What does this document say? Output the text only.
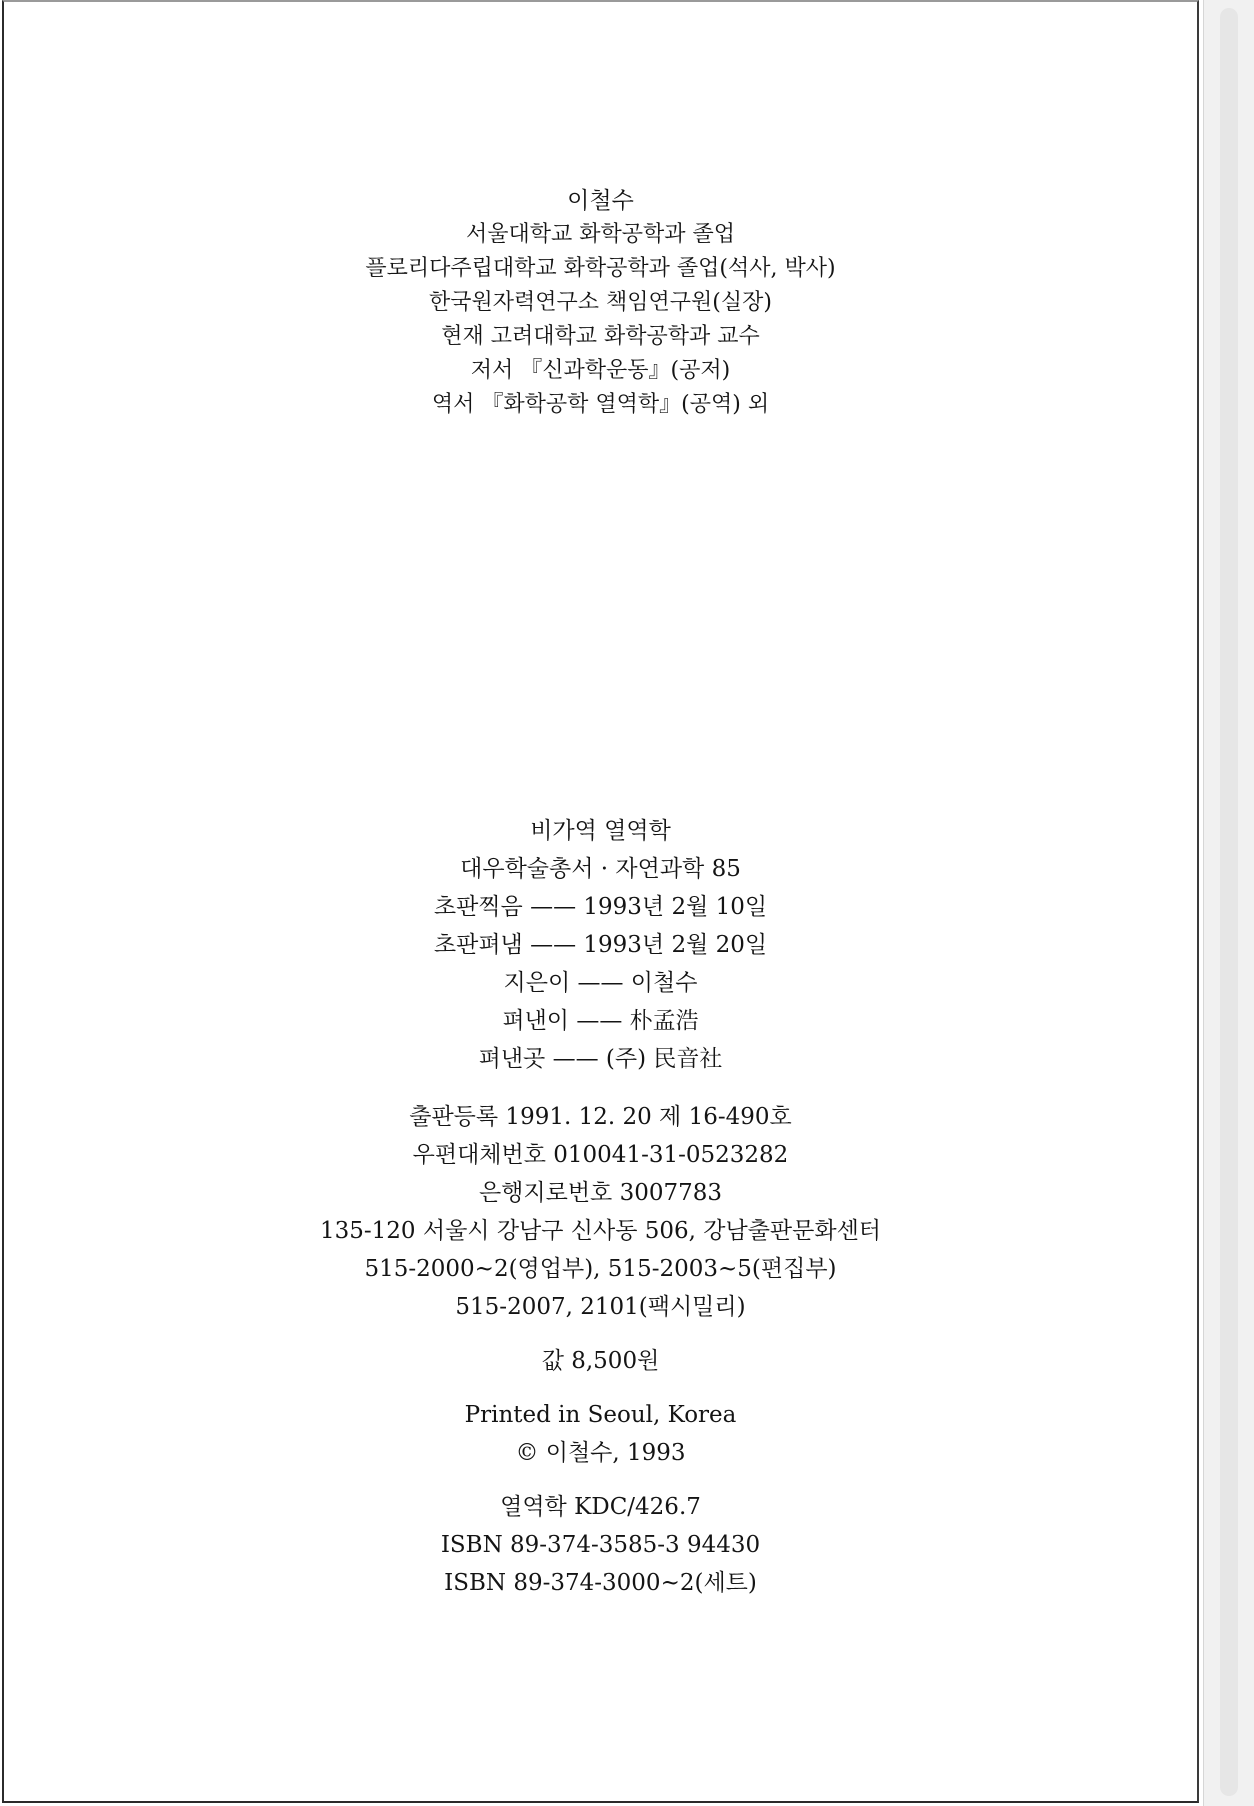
이철수
서울대학교 화학공학과 졸업
플로리다주립대학교 화학공학과 졸업(석사, 박사)
한국원자력연구소 책임연구원(실장)
현재 고려대학교 화학공학과 교수
저서 『신과학운동』(공저)
역서 『화학공학 열역학』(공역) 외
비가역 열역학
대우학술총서 · 자연과학 85
초판찍음 —— 1993년 2월 10일
초판펴냄 —— 1993년 2월 20일
지은이 —— 이철수
펴낸이 —— 朴孟浩
펴낸곳 —— (주) 民音社
출판등록 1991. 12. 20 제 16-490호
우편대체번호 010041-31-0523282
은행지로번호 3007783
135-120 서울시 강남구 신사동 506, 강남출판문화센터
515-2000~2(영업부), 515-2003~5(편집부)
515-2007, 2101(팩시밀리)
값 8,500원
Printed in Seoul, Korea
© 이철수, 1993
열역학 KDC/426.7
ISBN 89-374-3585-3 94430
ISBN 89-374-3000~2(세트)
